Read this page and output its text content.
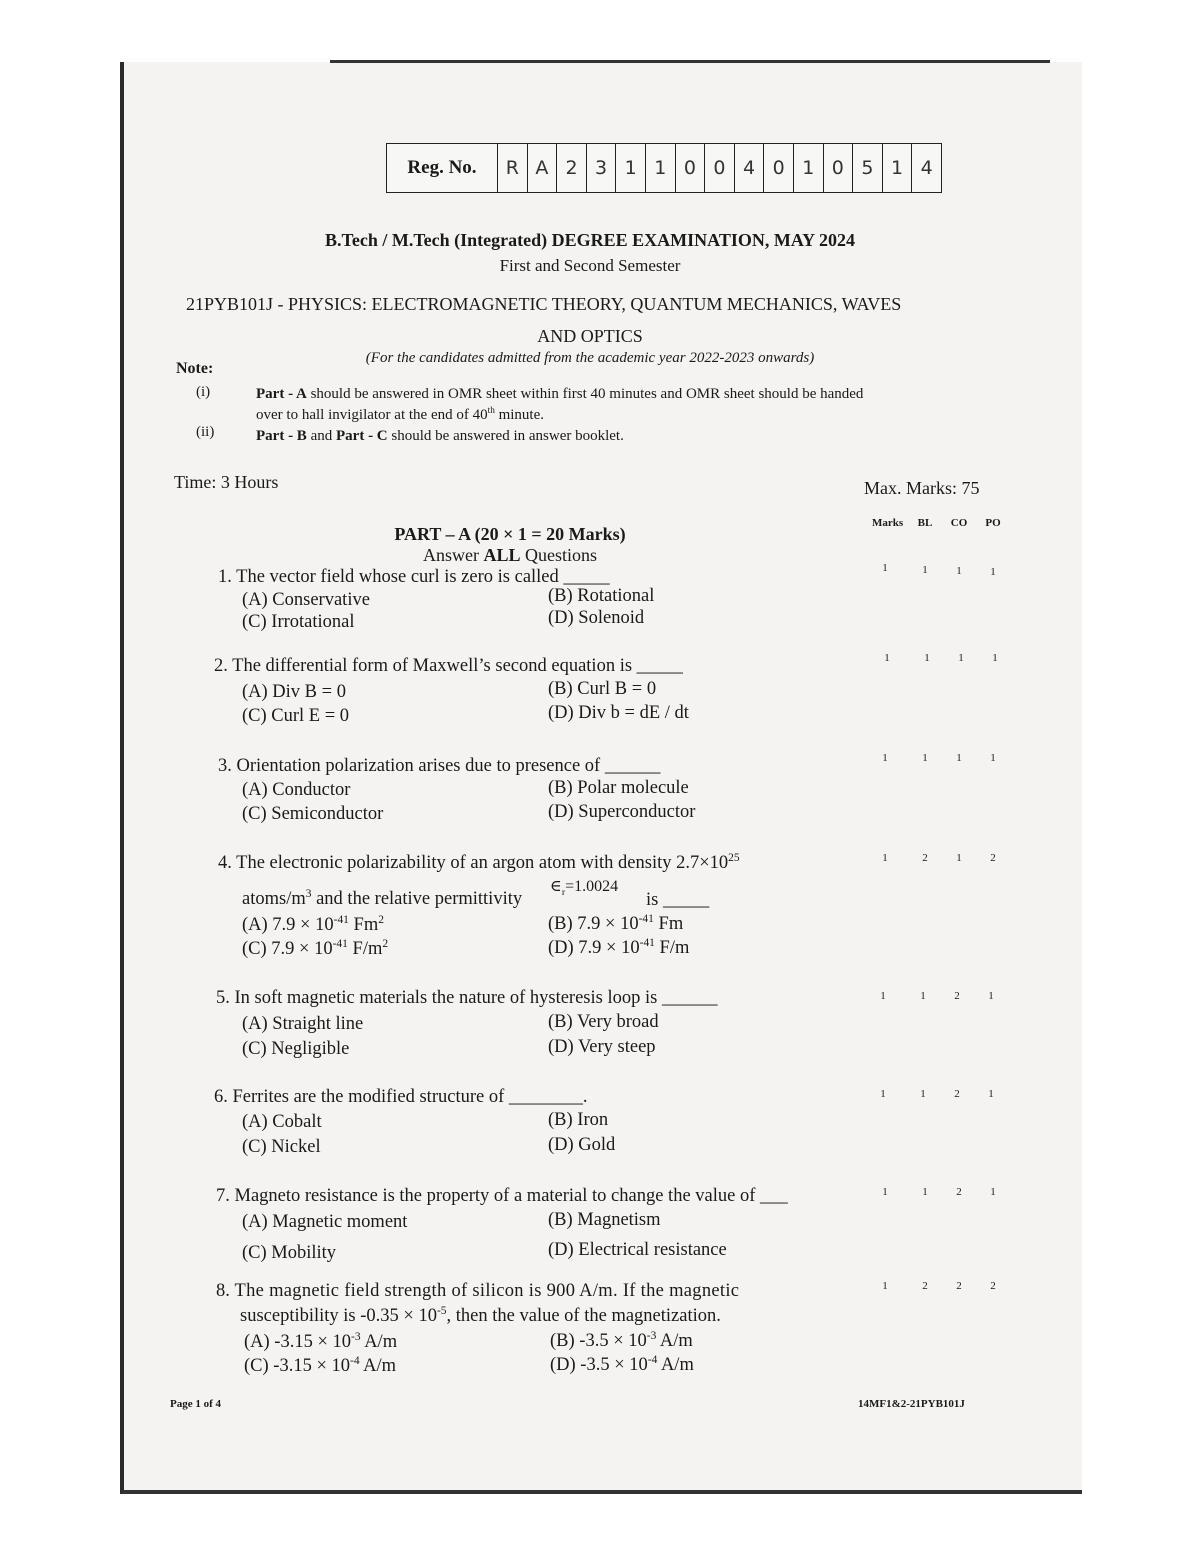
Reg. No.	R A 2 3 1 1 0 0 4 0 1 0 5 1 4
B.Tech / M.Tech (Integrated) DEGREE EXAMINATION, MAY 2024
First and Second Semester
21PYB101J - PHYSICS: ELECTROMAGNETIC THEORY, QUANTUM MECHANICS, WAVES
AND OPTICS
(For the candidates admitted from the academic year 2022-2023 onwards)
Note:
(i)	Part - A should be answered in OMR sheet within first 40 minutes and OMR sheet should be handed
over to hall invigilator at the end of 40th minute.
(ii)	Part - B and Part - C should be answered in answer booklet.
Time: 3 Hours	Max. Marks: 75
Marks	BL	CO	PO
PART – A (20 × 1 = 20 Marks)
Answer ALL Questions
1. The vector field whose curl is zero is called _____
(A) Conservative	(B) Rotational
(C) Irrotational	(D) Solenoid
1	1	1	1
2. The differential form of Maxwell’s second equation is _____
(A) Div B = 0	(B) Curl B = 0
(C) Curl E = 0	(D) Div b = dE / dt
1	1	1	1
3. Orientation polarization arises due to presence of ______
(A) Conductor	(B) Polar molecule
(C) Semiconductor	(D) Superconductor
1	1	1	1
4. The electronic polarizability of an argon atom with density $2.7\times 10^{25}$
atoms/$m^3$ and the relative permittivity
$\in_r=1.0024$
is _____
(A) $7.9 \times 10^{-41}$ Fm$^2$	(B) $7.9 \times 10^{-41}$ Fm
(C) $7.9 \times 10^{-41}$ $F/m^2$	(D) $7.9 \times 10^{-41}$ F/m
1	2	1	2
5. In soft magnetic materials the nature of hysteresis loop is ______
(A) Straight line	(B) Very broad
(C) Negligible	(D) Very steep
1	1	2	1
6. Ferrites are the modified structure of ________.
(A) Cobalt	(B) Iron
(C) Nickel	(D) Gold
1	1	2	1
7. Magneto resistance is the property of a material to change the value of ___
(A) Magnetic moment	(B) Magnetism
(C) Mobility	(D) Electrical resistance
1	1	2	1
8. The magnetic field strength of silicon is 900 A/m. If the magnetic
susceptibility is $-0.35 \times 10^{-5}$, then the value of the magnetization.
(A) $-3.15 \times 10^{-3}$ A/m	(B) $-3.5 \times 10^{-3}$ A/m
(C) $-3.15 \times 10^{-4}$ A/m	(D) $-3.5 \times 10^{-4}$ A/m
1	2	2	2
Page 1 of 4	14MF1&2-21PYB101J
